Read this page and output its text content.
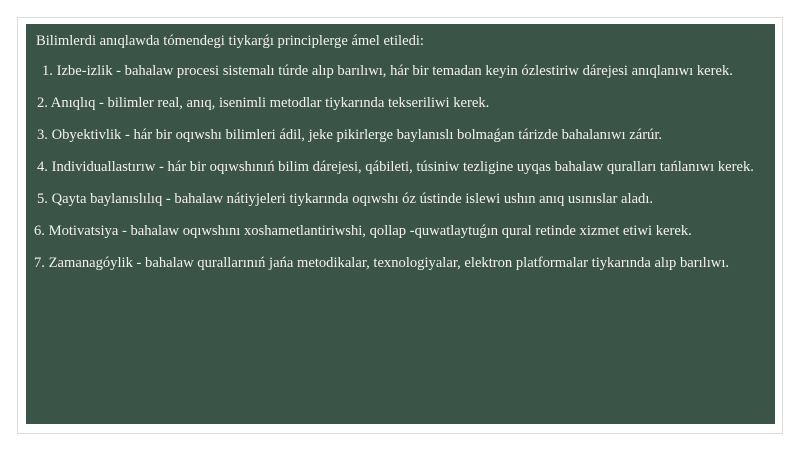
Bilimlerdi anıqlawda tómendegi tiykarǵı principlerge ámel etiledi:

1. Izbe-izlik - bahalaw procesi sistemalı túrde alıp barılıwı, hár bir temadan keyin ózlestiriw dárejesi anıqlanıwı kerek.

2. Anıqlıq - bilimler real, anıq, isenimli metodlar tiykarında tekseriliwi kerek.

3. Obyektivlik - hár bir oqıwshı bilimleri ádil, jeke pikirlerge baylanıslı bolmaǵan tárizde bahalanıwı zárúr.

4. Individuallastırıw - hár bir oqıwshınıń bilim dárejesi, qábileti, túsiniw tezligine uyqas bahalaw quralları tańlanıwı kerek.

5. Qayta baylanıslılıq - bahalaw nátiyjeleri tiykarında oqıwshı óz ústinde islewi ushın anıq usınıslar aladı.

6. Motivatsiya - bahalaw oqıwshını xoshametlantiriwshi, qollap -quwatlaytuǵın qural retinde xizmet etiwi kerek.

7. Zamanagóylik - bahalaw qurallarınıń jańa metodikalar, texnologiyalar, elektron platformalar tiykarında alıp barılıwı.
